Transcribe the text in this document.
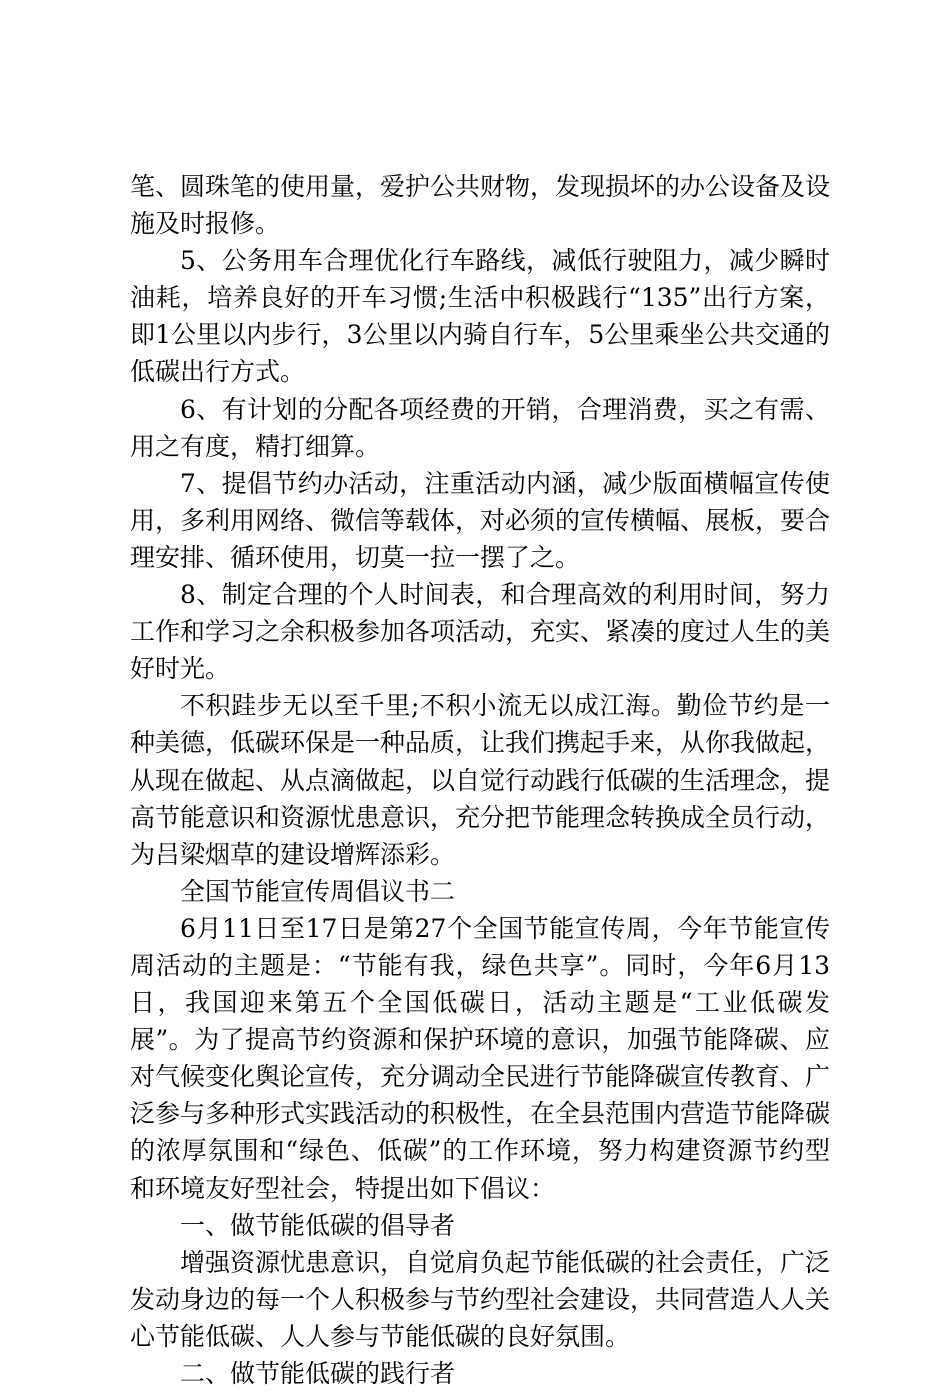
笔、圆珠笔的使用量，爱护公共财物，发现损坏的办公设备及设施及时报修。

5、公务用车合理优化行车路线，减低行驶阻力，减少瞬时油耗，培养良好的开车习惯;生活中积极践行“135”出行方案，即1公里以内步行，3公里以内骑自行车，5公里乘坐公共交通的低碳出行方式。

6、有计划的分配各项经费的开销，合理消费，买之有需、用之有度，精打细算。

7、提倡节约办活动，注重活动内涵，减少版面横幅宣传使用，多利用网络、微信等载体，对必须的宣传横幅、展板，要合理安排、循环使用，切莫一拉一摆了之。

8、制定合理的个人时间表，和合理高效的利用时间，努力工作和学习之余积极参加各项活动，充实、紧凑的度过人生的美好时光。

不积跬步无以至千里;不积小流无以成江海。勤俭节约是一种美德，低碳环保是一种品质，让我们携起手来，从你我做起，从现在做起、从点滴做起，以自觉行动践行低碳的生活理念，提高节能意识和资源忧患意识，充分把节能理念转换成全员行动，为吕梁烟草的建设增辉添彩。

全国节能宣传周倡议书二

6月11日至17日是第27个全国节能宣传周，今年节能宣传周活动的主题是：“节能有我，绿色共享”。同时，今年6月13日，我国迎来第五个全国低碳日，活动主题是“工业低碳发展”。为了提高节约资源和保护环境的意识，加强节能降碳、应对气候变化舆论宣传，充分调动全民进行节能降碳宣传教育、广泛参与多种形式实践活动的积极性，在全县范围内营造节能降碳的浓厚氛围和“绿色、低碳”的工作环境，努力构建资源节约型和环境友好型社会，特提出如下倡议：

一、做节能低碳的倡导者

增强资源忧患意识，自觉肩负起节能低碳的社会责任，广泛发动身边的每一个人积极参与节约型社会建设，共同营造人人关心节能低碳、人人参与节能低碳的良好氛围。

二、做节能低碳的践行者
